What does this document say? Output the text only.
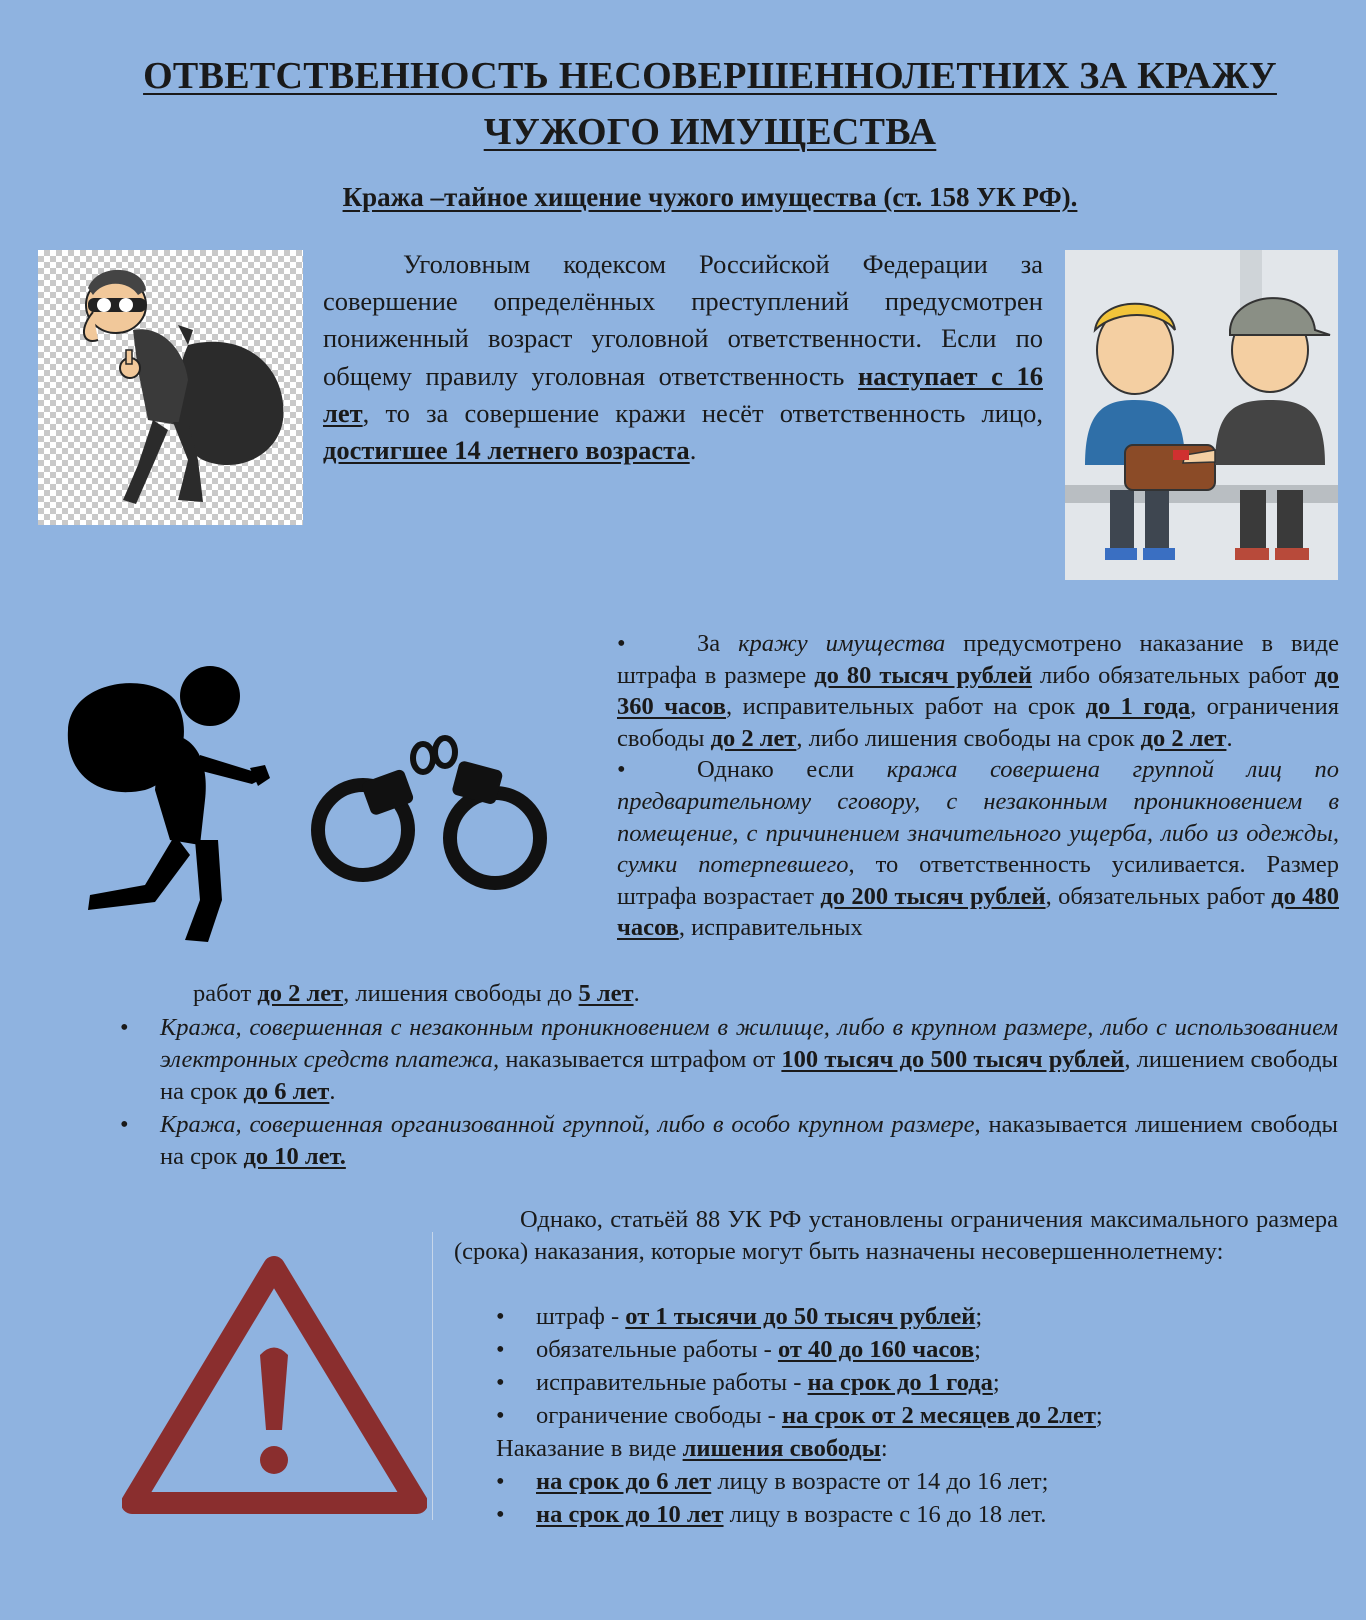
ОТВЕТСТВЕННОСТЬ НЕСОВЕРШЕННОЛЕТНИХ ЗА КРАЖУ
ЧУЖОГО ИМУЩЕСТВА
Кража –тайное хищение чужого имущества (ст. 158 УК РФ).
Уголовным кодексом Российской Федерации за совершение определённых преступлений предусмотрен пониженный возраст уголовной ответственности. Если по общему правилу уголовная ответственность наступает с 16 лет, то за совершение кражи несёт ответственность лицо, достигшее 14 летнего возраста.
•	За кражу имущества предусмотрено наказание в виде штрафа в размере до 80 тысяч рублей либо обязательных работ до 360 часов, исправительных работ на срок до 1 года, ограничения свободы до 2 лет, либо лишения свободы на срок до 2 лет.
•	Однако если кража совершена группой лиц по предварительному сговору, с незаконным проникновением в помещение, с причинением значительного ущерба, либо из одежды, сумки потерпевшего, то ответственность усиливается. Размер штрафа возрастает до 200 тысяч рублей, обязательных работ до 480 часов, исправительных
работ до 2 лет, лишения свободы до 5 лет.
• Кража, совершенная с незаконным проникновением в жилище, либо в крупном размере, либо с использованием электронных средств платежа, наказывается штрафом от 100 тысяч до 500 тысяч рублей, лишением свободы на срок до 6 лет.
• Кража, совершенная организованной группой, либо в особо крупном размере, наказывается лишением свободы на срок до 10 лет.
Однако, статьёй 88 УК РФ установлены ограничения максимального размера (срока) наказания, которые могут быть назначены несовершеннолетнему:
• штраф - от 1 тысячи до 50 тысяч рублей;
• обязательные работы - от 40 до 160 часов;
• исправительные работы - на срок до 1 года;
• ограничение свободы - на срок от 2 месяцев до 2лет;
Наказание в виде лишения свободы:
• на срок до 6 лет лицу в возрасте от 14 до 16 лет;
• на срок до 10 лет лицу в возрасте с 16 до 18 лет.
